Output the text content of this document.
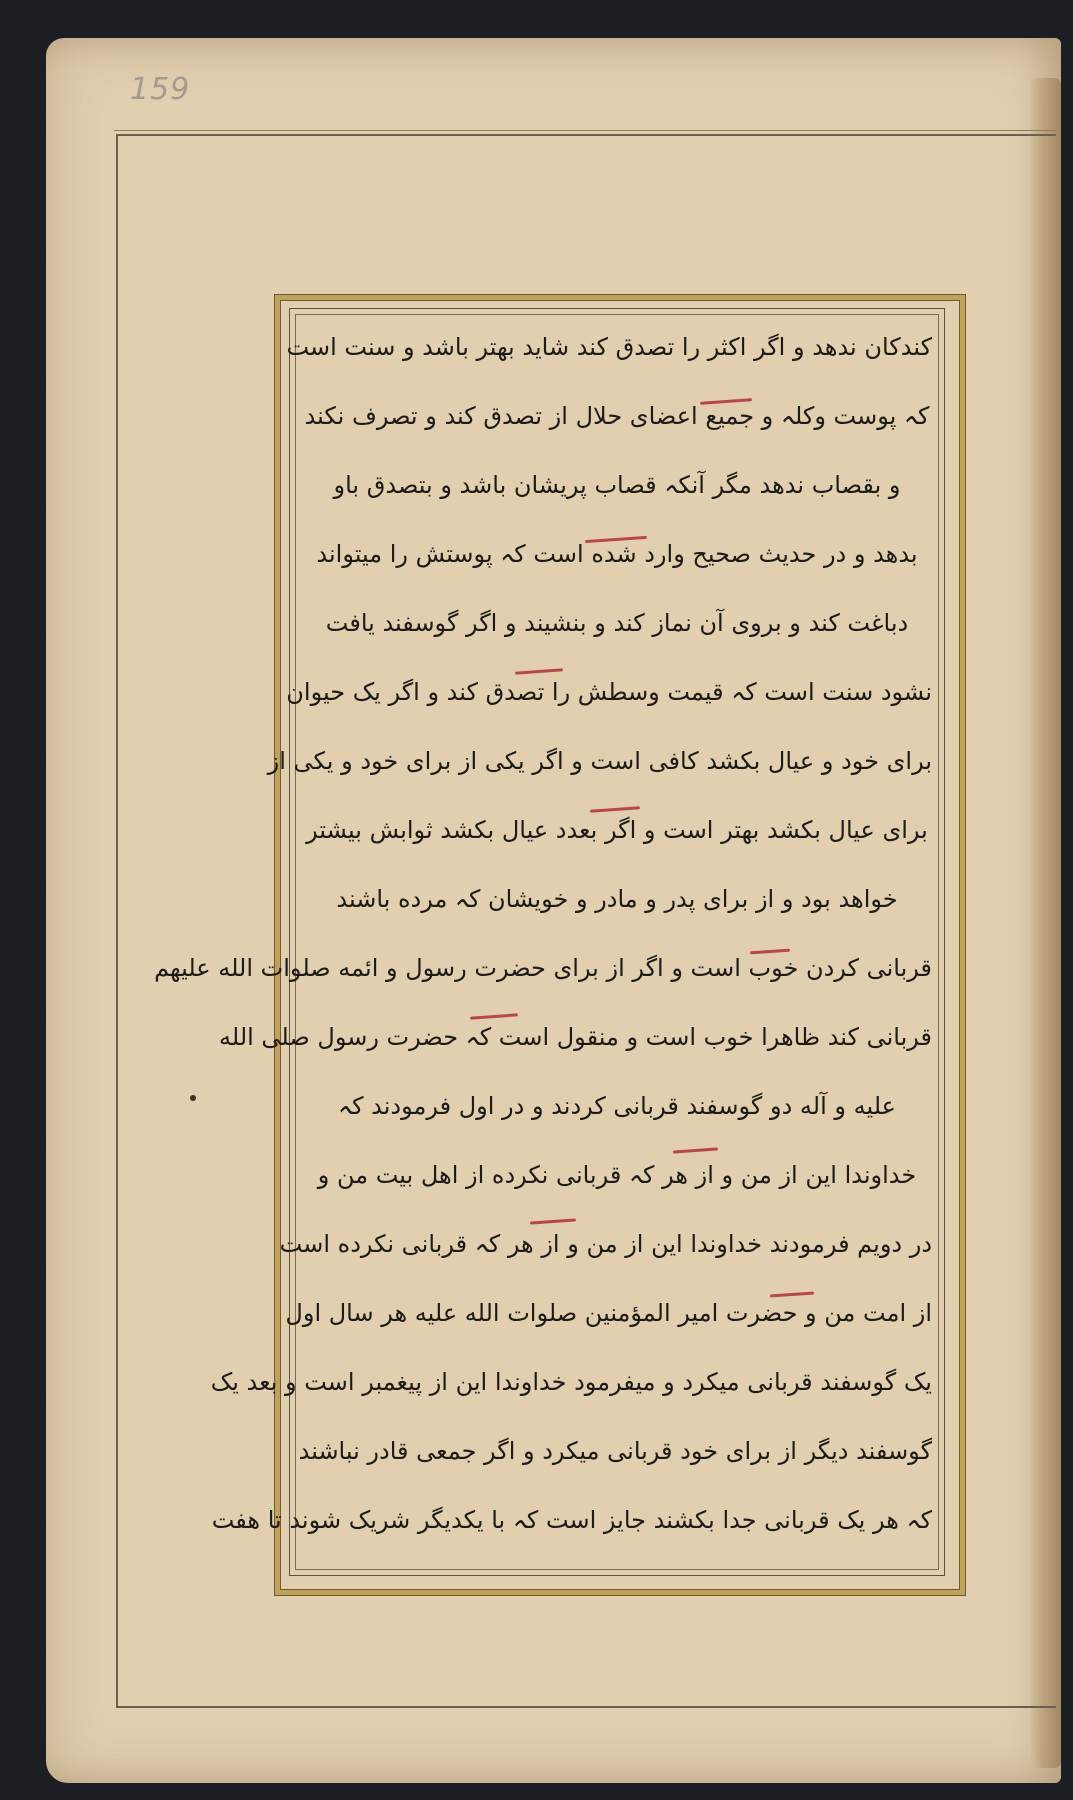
159
کندکان ندهد و اگر اکثر را تصدق کند شاید بهتر باشد و سنت است
کہ پوست وکلہ و جمیع اعضای حلال از تصدق کند و تصرف نکند
و بقصاب ندهد مگر آنکہ قصاب پریشان باشد و بتصدق باو
بدهد و در حدیث صحیح وارد شده است کہ پوستش را میتواند
دباغت کند و بروی آن نماز کند و بنشیند و اگر گوسفند یافت
نشود سنت است کہ قیمت وسطش را تصدق کند و اگر یک حیوان
برای خود و عیال بکشد کافی است و اگر یکی از برای خود و یکی از
برای عیال بکشد بهتر است و اگر بعدد عیال بکشد ثوابش بیشتر
خواهد بود و از برای پدر و مادر و خویشان کہ مرده باشند
قربانی کردن خوب است و اگر از برای حضرت رسول و ائمه صلوات الله علیهم
قربانی کند ظاهرا خوب است و منقول است کہ حضرت رسول صلی الله
علیه و آله دو گوسفند قربانی کردند و در اول فرمودند کہ
خداوندا این از من و از هر کہ قربانی نکرده از اهل بیت من و
در دویم فرمودند خداوندا این از من و از هر کہ قربانی نکرده است
از امت من و حضرت امیر المؤمنین صلوات الله علیه هر سال اول
یک گوسفند قربانی میکرد و میفرمود خداوندا این از پیغمبر است و بعد یک
گوسفند دیگر از برای خود قربانی میکرد و اگر جمعی قادر نباشند
کہ هر یک قربانی جدا بکشند جایز است کہ با یکدیگر شریک شوند تا هفت
